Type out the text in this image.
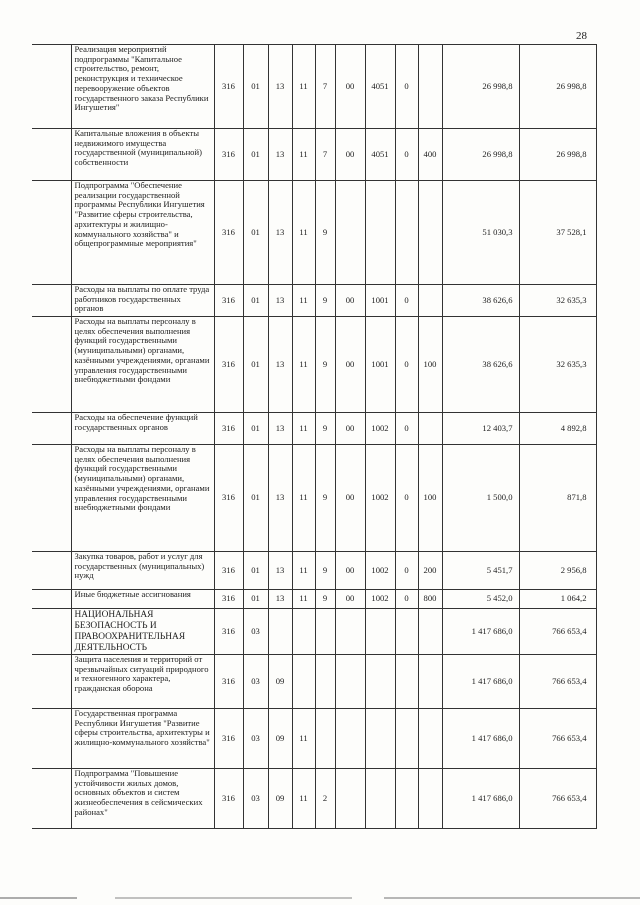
28
	Реализация мероприятий подпрограммы "Капитальное строительство, ремонт, реконструкция и техническое перевооружение объектов государственного заказа Республики Ингушетия"	316	01	13	11	7	00	4051	0		26 998,8	26 998,8
	Капитальные вложения в объекты недвижимого имущества государственной (муниципальной) собственности	316	01	13	11	7	00	4051	0	400	26 998,8	26 998,8
	Подпрограмма "Обеспечение реализации государственной программы Республики Ингушетия "Развитие сферы строительства, архитектуры и жилищно-коммунального хозяйства" и общепрограммные мероприятия"	316	01	13	11	9					51 030,3	37 528,1
	Расходы на выплаты по оплате труда работников государственных органов	316	01	13	11	9	00	1001	0		38 626,6	32 635,3
	Расходы на выплаты персоналу в целях обеспечения выполнения функций государственными (муниципальными) органами, казёнными учреждениями, органами управления государственными внебюджетными фондами	316	01	13	11	9	00	1001	0	100	38 626,6	32 635,3
	Расходы на обеспечение функций государственных органов	316	01	13	11	9	00	1002	0		12 403,7	4 892,8
	Расходы на выплаты персоналу в целях обеспечения выполнения функций государственными (муниципальными) органами, казёнными учреждениями, органами управления государственными внебюджетными фондами	316	01	13	11	9	00	1002	0	100	1 500,0	871,8
	Закупка товаров, работ и услуг для государственных (муниципальных) нужд	316	01	13	11	9	00	1002	0	200	5 451,7	2 956,8
	Иные бюджетные ассигнования	316	01	13	11	9	00	1002	0	800	5 452,0	1 064,2
	НАЦИОНАЛЬНАЯ БЕЗОПАСНОСТЬ И ПРАВООХРАНИТЕЛЬНАЯ ДЕЯТЕЛЬНОСТЬ	316	03								1 417 686,0	766 653,4
	Защита населения и территорий от чрезвычайных ситуаций природного и техногенного характера, гражданская оборона	316	03	09							1 417 686,0	766 653,4
	Государственная программа Республики Ингушетия "Развитие сферы строительства, архитектуры и жилищно-коммунального хозяйства"	316	03	09	11						1 417 686,0	766 653,4
	Подпрограмма "Повышение устойчивости жилых домов, основных объектов и систем жизнеобеспечения в сейсмических районах"	316	03	09	11	2					1 417 686,0	766 653,4
